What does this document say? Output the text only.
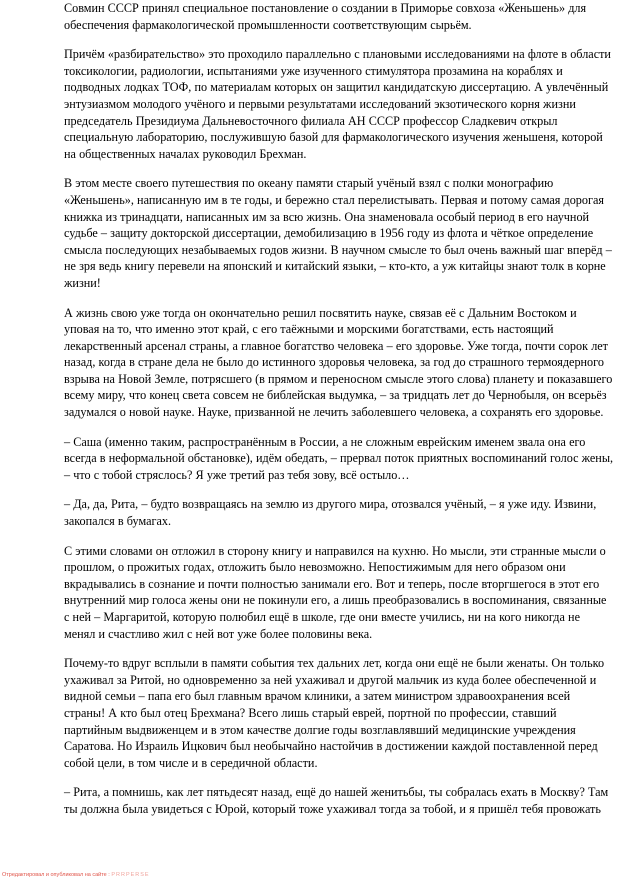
Совмин СССР принял специальное постановление о создании в Приморье совхоза «Женьшень» для обеспечения фармакологической промышленности соответствующим сырьём.

Причём «разбирательство» это проходило параллельно с плановыми исследованиями на флоте в области токсикологии, радиологии, испытаниями уже изученного стимулятора прозамина на кораблях и подводных лодках ТОФ, по материалам которых он защитил кандидатскую диссертацию. А увлечённый энтузиазмом молодого учёного и первыми результатами исследований экзотического корня жизни председатель Президиума Дальневосточного филиала АН СССР профессор Сладкевич открыл специальную лабораторию, послужившую базой для фармакологического изучения женьшеня, которой на общественных началах руководил Брехман.

В этом месте своего путешествия по океану памяти старый учёный взял с полки монографию «Женьшень», написанную им в те годы, и бережно стал перелистывать. Первая и потому самая дорогая книжка из тринадцати, написанных им за всю жизнь. Она знаменовала особый период в его научной судьбе – защиту докторской диссертации, демобилизацию в 1956 году из флота и чёткое определение смысла последующих незабываемых годов жизни. В научном смысле то был очень важный шаг вперёд – не зря ведь книгу перевели на японский и китайский языки, – кто-кто, а уж китайцы знают толк в корне жизни!

А жизнь свою уже тогда он окончательно решил посвятить науке, связав её с Дальним Востоком и уповая на то, что именно этот край, с его таёжными и морскими богатствами, есть настоящий лекарственный арсенал страны, а главное богатство человека – его здоровье. Уже тогда, почти сорок лет назад, когда в стране дела не было до истинного здоровья человека, за год до страшного термоядерного взрыва на Новой Земле, потрясшего (в прямом и переносном смысле этого слова) планету и показавшего всему миру, что конец света совсем не библейская выдумка, – за тридцать лет до Чернобыля, он всерьёз задумался о новой науке. Науке, призванной не лечить заболевшего человека, а сохранять его здоровье.

– Саша (именно таким, распространённым в России, а не сложным еврейским именем звала она его всегда в неформальной обстановке), идём обедать, – прервал поток приятных воспоминаний голос жены, – что с тобой стряслось? Я уже третий раз тебя зову, всё остыло…

– Да, да, Рита, – будто возвращаясь на землю из другого мира, отозвался учёный, – я уже иду. Извини, закопался в бумагах.

С этими словами он отложил в сторону книгу и направился на кухню. Но мысли, эти странные мысли о прошлом, о прожитых годах, отложить было невозможно. Непостижимым для него образом они вкрадывались в сознание и почти полностью занимали его. Вот и теперь, после вторгшегося в этот его внутренний мир голоса жены они не покинули его, а лишь преобразовались в воспоминания, связанные с ней – Маргаритой, которую полюбил ещё в школе, где они вместе учились, ни на кого никогда не менял и счастливо жил с ней вот уже более половины века.

Почему-то вдруг всплыли в памяти события тех дальних лет, когда они ещё не были женаты. Он только ухаживал за Ритой, но одновременно за ней ухаживал и другой мальчик из куда более обеспеченной и видной семьи – папа его был главным врачом клиники, а затем министром здравоохранения всей страны! А кто был отец Брехмана? Всего лишь старый еврей, портной по профессии, ставший партийным выдвиженцем и в этом качестве долгие годы возглавлявший медицинские учреждения Саратова. Но Израиль Ицкович был необычайно настойчив в достижении каждой поставленной перед собой цели, в том числе и в середичной области.

– Рита, а помнишь, как лет пятьдесят назад, ещё до нашей женитьбы, ты собралась ехать в Москву? Там ты должна была увидеться с Юрой, который тоже ухаживал тогда за тобой, и я пришёл тебя провожать

Отредактировал и опубликовал на сайте : PRRPERSE
